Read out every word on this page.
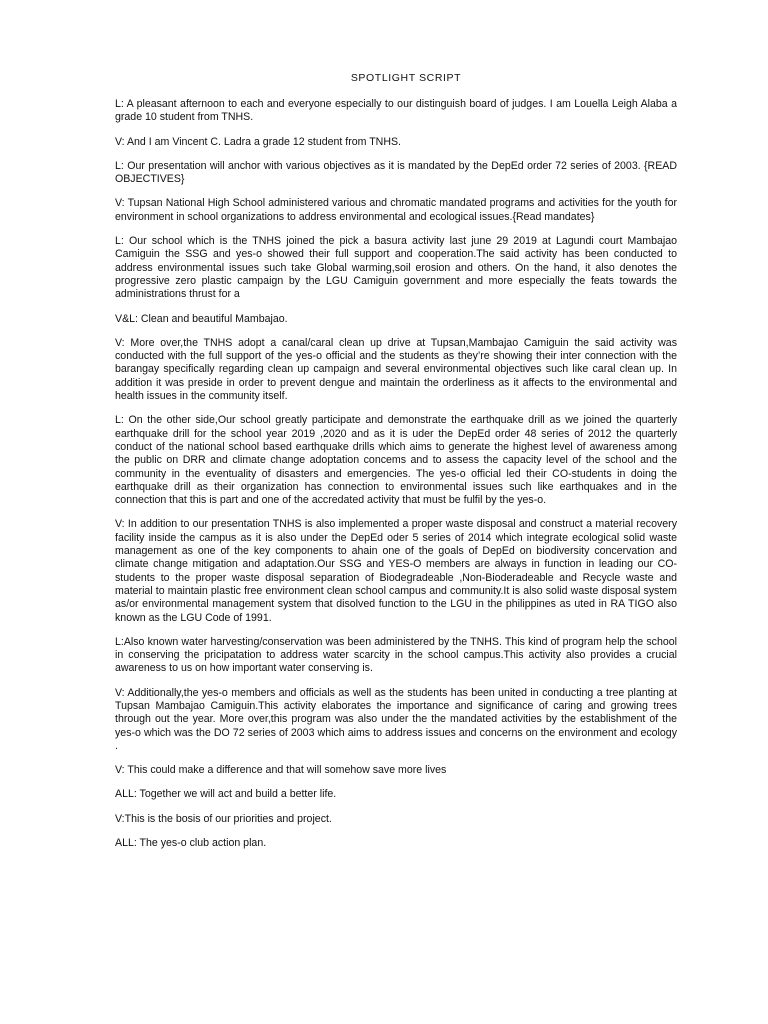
SPOTLIGHT SCRIPT

L: A pleasant afternoon to each and everyone especially to our distinguish board of judges. I am Louella Leigh Alaba a grade 10 student from TNHS.

V: And I am Vincent C. Ladra a grade 12 student from TNHS.

L: Our presentation will anchor with various objectives as it is mandated by the DepEd order 72 series of 2003. {READ OBJECTIVES}

V: Tupsan National High School administered various and chromatic mandated programs and activities for the youth for environment in school organizations to address environmental and ecological issues.{Read mandates}

L: Our school which is the TNHS joined the pick a basura activity last june 29 2019 at Lagundi court Mambajao Camiguin the SSG and yes-o showed their full support and cooperation.The said activity has been conducted to address environmental issues such take Global warming,soil erosion and others. On the hand, it also denotes the progressive zero plastic campaign by the LGU Camiguin government and more especially the feats towards the administrations thrust for a

V&L: Clean and beautiful Mambajao.

V: More over,the TNHS adopt a canal/caral clean up drive at Tupsan,Mambajao Camiguin the said activity was conducted with the full support of the yes-o official and the students as they’re showing their inter connection with the barangay specifically regarding clean up campaign and several environmental objectives such like caral clean up. In addition it was preside in order to prevent dengue and maintain the orderliness as it affects to the environmental and health issues in the community itself.

L: On the other side,Our school greatly participate and demonstrate the earthquake drill as we joined the quarterly earthquake drill for the school year 2019 ,2020 and as it is uder the DepEd order 48 series of 2012 the quarterly conduct of the national school based earthquake drills which aims to generate the highest level of awareness among the public on DRR and climate change adoptation concems and to assess the capacity level of the school and the community in the eventuality of disasters and emergencies. The yes-o official led their CO-students in doing the earthquake drill as their organization has connection to environmental issues such like earthquakes and in the connection that this is part and one of the accredated activity that must be fulfil by the yes-o.

V: In addition to our presentation TNHS is also implemented a proper waste disposal and construct a material recovery facility inside the campus as it is also under the DepEd oder 5 series of 2014 which integrate ecological solid waste management as one of the key components to ahain one of the goals of DepEd on biodiversity concervation and climate change mitigation and adaptation.Our SSG and YES-O members are always in function in leading our CO-students to the proper waste disposal separation of Biodegradeable ,Non-Bioderadeable and Recycle waste and material to maintain plastic free environment clean school campus and community.It is also solid waste disposal system as/or environmental management system that disolved function to the LGU in the philippines as uted in RA TIGO also known as the LGU Code of 1991.

L:Also known water harvesting/conservation was been administered by the TNHS. This kind of program help the school in conserving the pricipatation to address water scarcity in the school campus.This activity also provides a crucial awareness to us on how important water conserving is.

V: Additionally,the yes-o members and officials as well as the students has been united in conducting a tree planting at Tupsan Mambajao Camiguin.This activity elaborates the importance and significance of caring and growing trees through out the year. More over,this program was also under the the mandated activities by the establishment of the yes-o which was the DO 72 series of 2003 which aims to address issues and concerns on the environment and ecology .

V: This could make a difference and that will somehow save more lives

ALL: Together we will act and build a better life.

V:This is the bosis of our priorities and project.

ALL: The yes-o club action plan.
